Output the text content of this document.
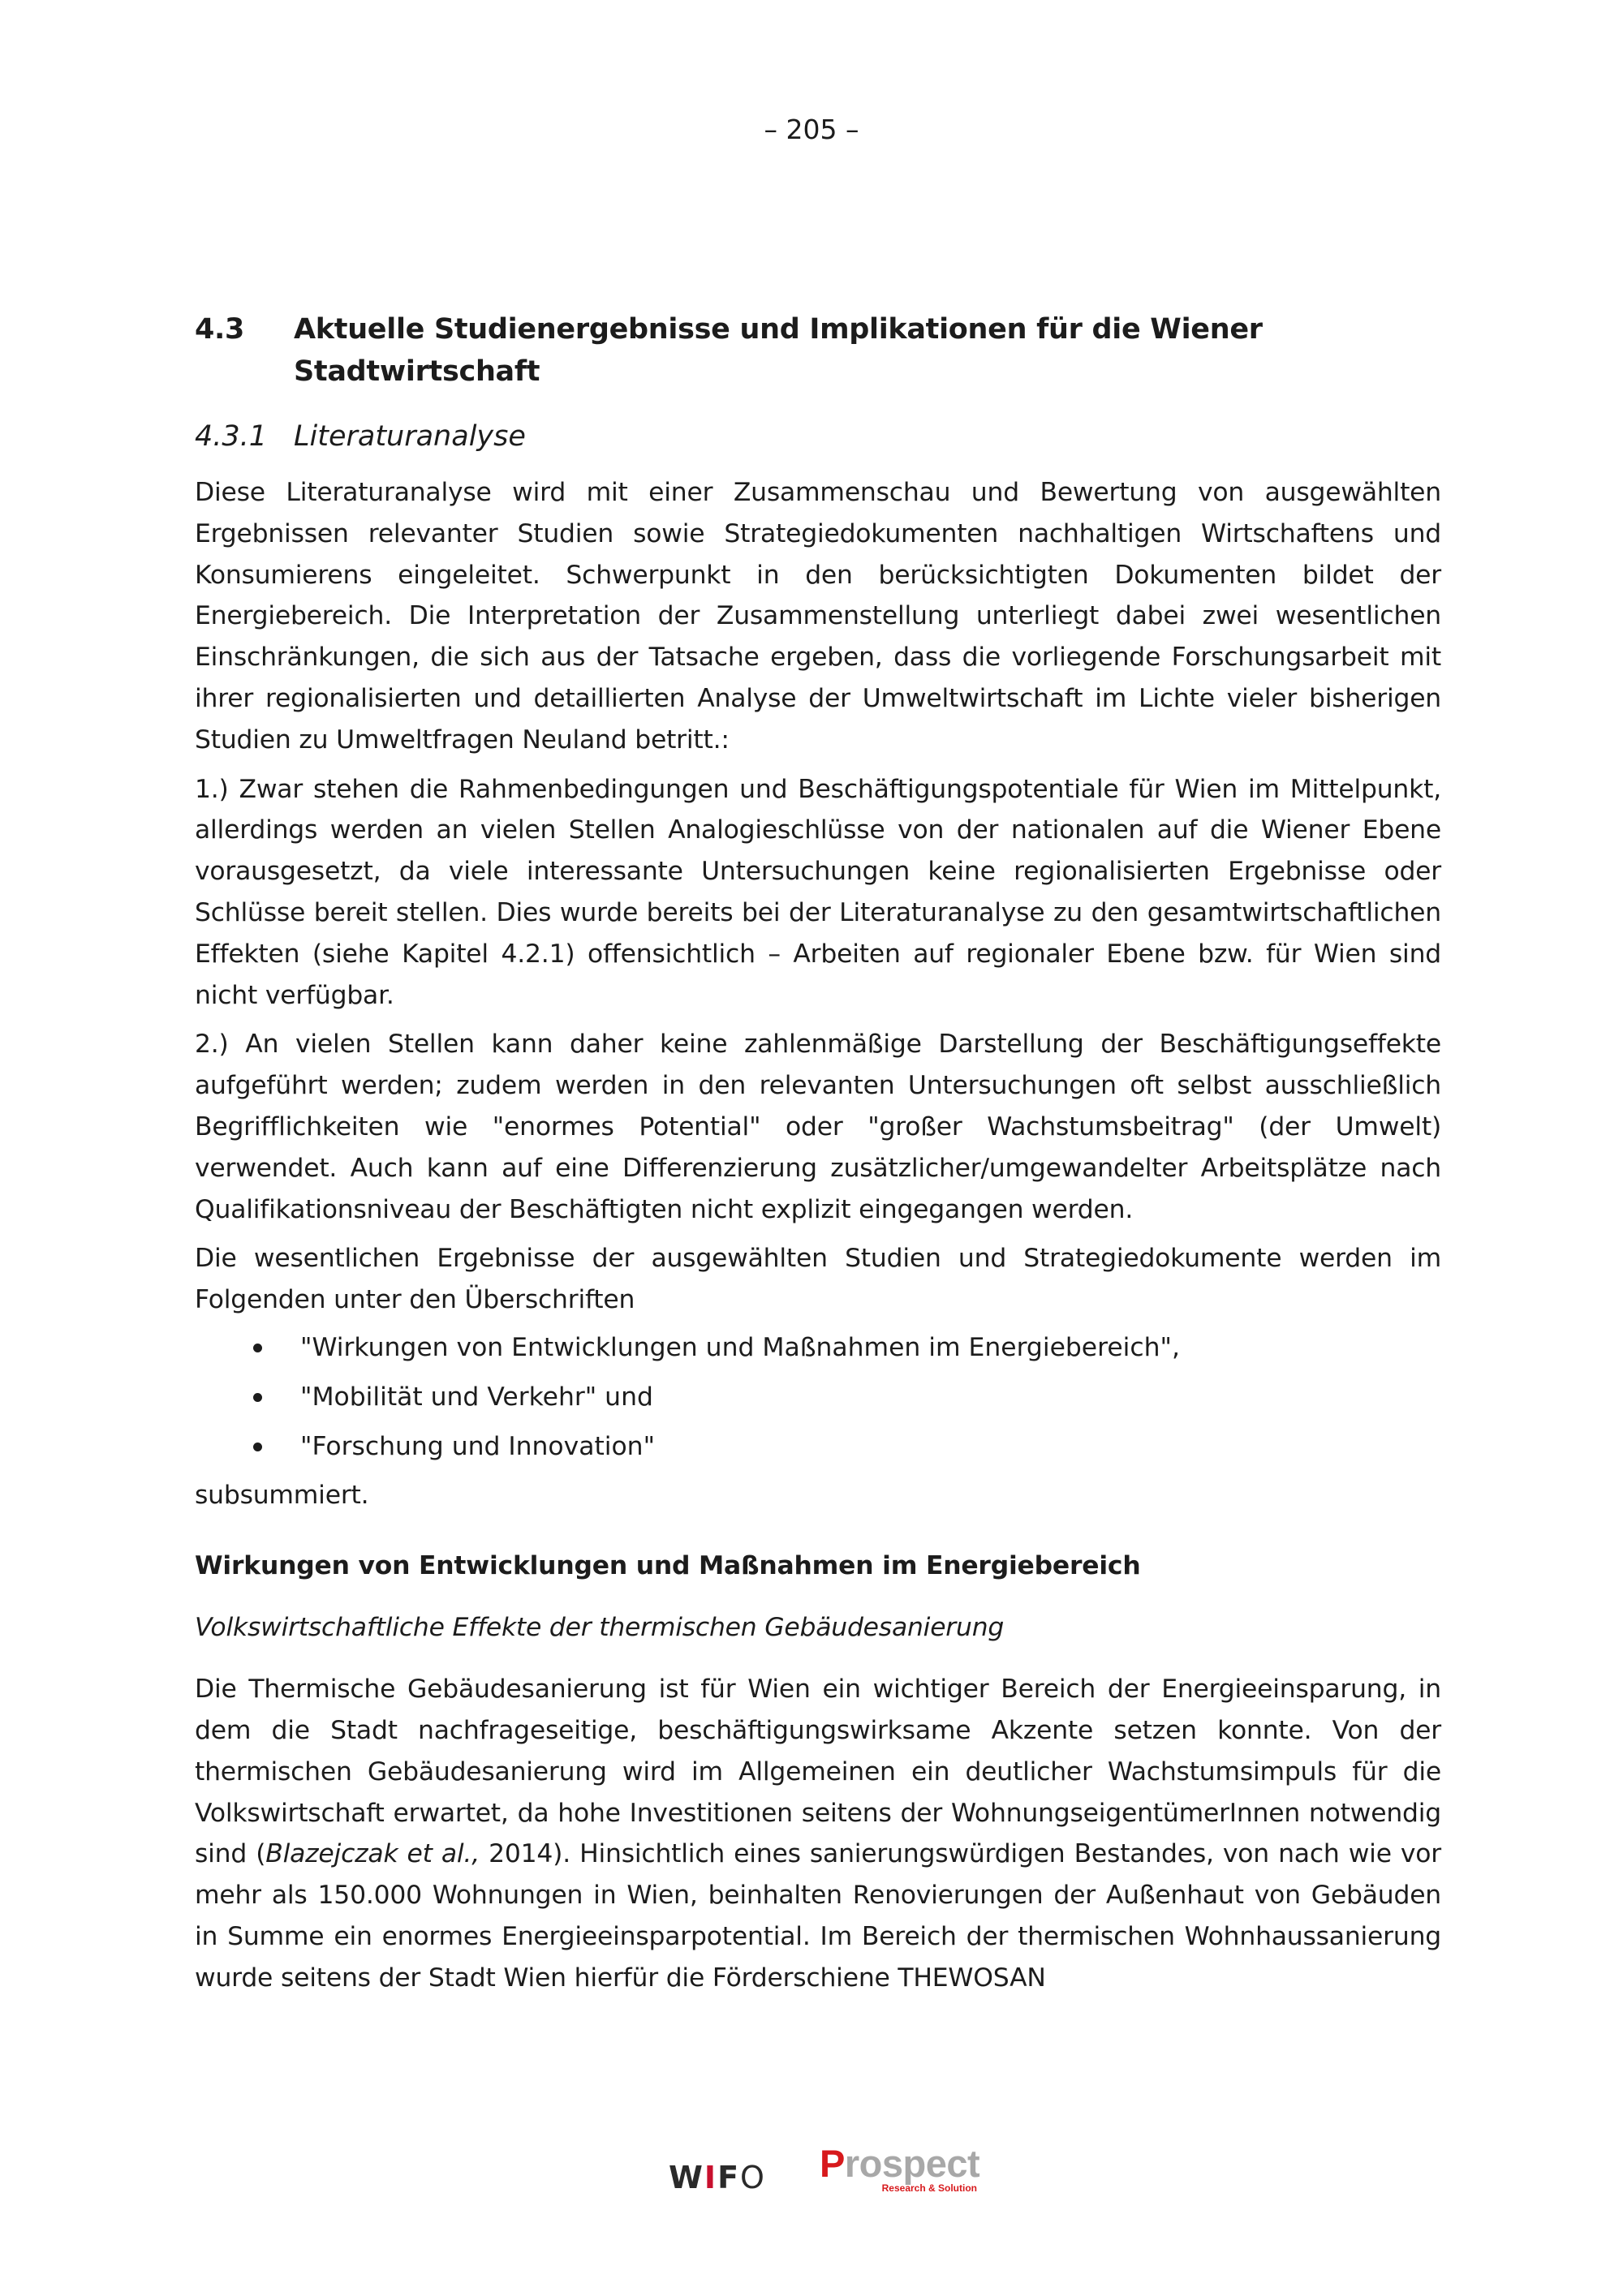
– 205 –
4.3	Aktuelle Studienergebnisse und Implikationen für die Wiener Stadtwirtschaft
4.3.1 Literaturanalyse

Diese Literaturanalyse wird mit einer Zusammenschau und Bewertung von ausgewählten Ergebnissen relevanter Studien sowie Strategiedokumenten nachhaltigen Wirtschaftens und Konsumierens eingeleitet. Schwerpunkt in den berücksichtigten Dokumenten bildet der Energiebereich. Die Interpretation der Zusammenstellung unterliegt dabei zwei wesentlichen Einschränkungen, die sich aus der Tatsache ergeben, dass die vorliegende Forschungsarbeit mit ihrer regionalisierten und detaillierten Analyse der Umweltwirtschaft im Lichte vieler bisherigen Studien zu Umweltfragen Neuland betritt.:

1.) Zwar stehen die Rahmenbedingungen und Beschäftigungspotentiale für Wien im Mittelpunkt, allerdings werden an vielen Stellen Analogieschlüsse von der nationalen auf die Wiener Ebene vorausgesetzt, da viele interessante Untersuchungen keine regionalisierten Ergebnisse oder Schlüsse bereit stellen. Dies wurde bereits bei der Literaturanalyse zu den gesamtwirtschaftlichen Effekten (siehe Kapitel 4.2.1) offensichtlich – Arbeiten auf regionaler Ebene bzw. für Wien sind nicht verfügbar.

2.) An vielen Stellen kann daher keine zahlenmäßige Darstellung der Beschäftigungseffekte aufgeführt werden; zudem werden in den relevanten Untersuchungen oft selbst ausschließlich Begrifflichkeiten wie "enormes Potential" oder "großer Wachstumsbeitrag" (der Umwelt) verwendet. Auch kann auf eine Differenzierung zusätzlicher/umgewandelter Arbeitsplätze nach Qualifikationsniveau der Beschäftigten nicht explizit eingegangen werden.

Die wesentlichen Ergebnisse der ausgewählten Studien und Strategiedokumente werden im Folgenden unter den Überschriften

"Wirkungen von Entwicklungen und Maßnahmen im Energiebereich",
"Mobilität und Verkehr" und
"Forschung und Innovation"

subsummiert.

Wirkungen von Entwicklungen und Maßnahmen im Energiebereich
Volkswirtschaftliche Effekte der thermischen Gebäudesanierung

Die Thermische Gebäudesanierung ist für Wien ein wichtiger Bereich der Energieeinsparung, in dem die Stadt nachfrageseitige, beschäftigungswirksame Akzente setzen konnte. Von der thermischen Gebäudesanierung wird im Allgemeinen ein deutlicher Wachstumsimpuls für die Volkswirtschaft erwartet, da hohe Investitionen seitens der WohnungseigentümerInnen notwendig sind (Blazejczak et al., 2014). Hinsichtlich eines sanierungswürdigen Bestandes, von nach wie vor mehr als 150.000 Wohnungen in Wien, beinhalten Renovierungen der Außenhaut von Gebäuden in Summe ein enormes Energieeinsparpotential. Im Bereich der thermischen Wohnhaussanierung wurde seitens der Stadt Wien hierfür die Förderschiene THEWOSAN

WIFO Prospect
Research & Solution
